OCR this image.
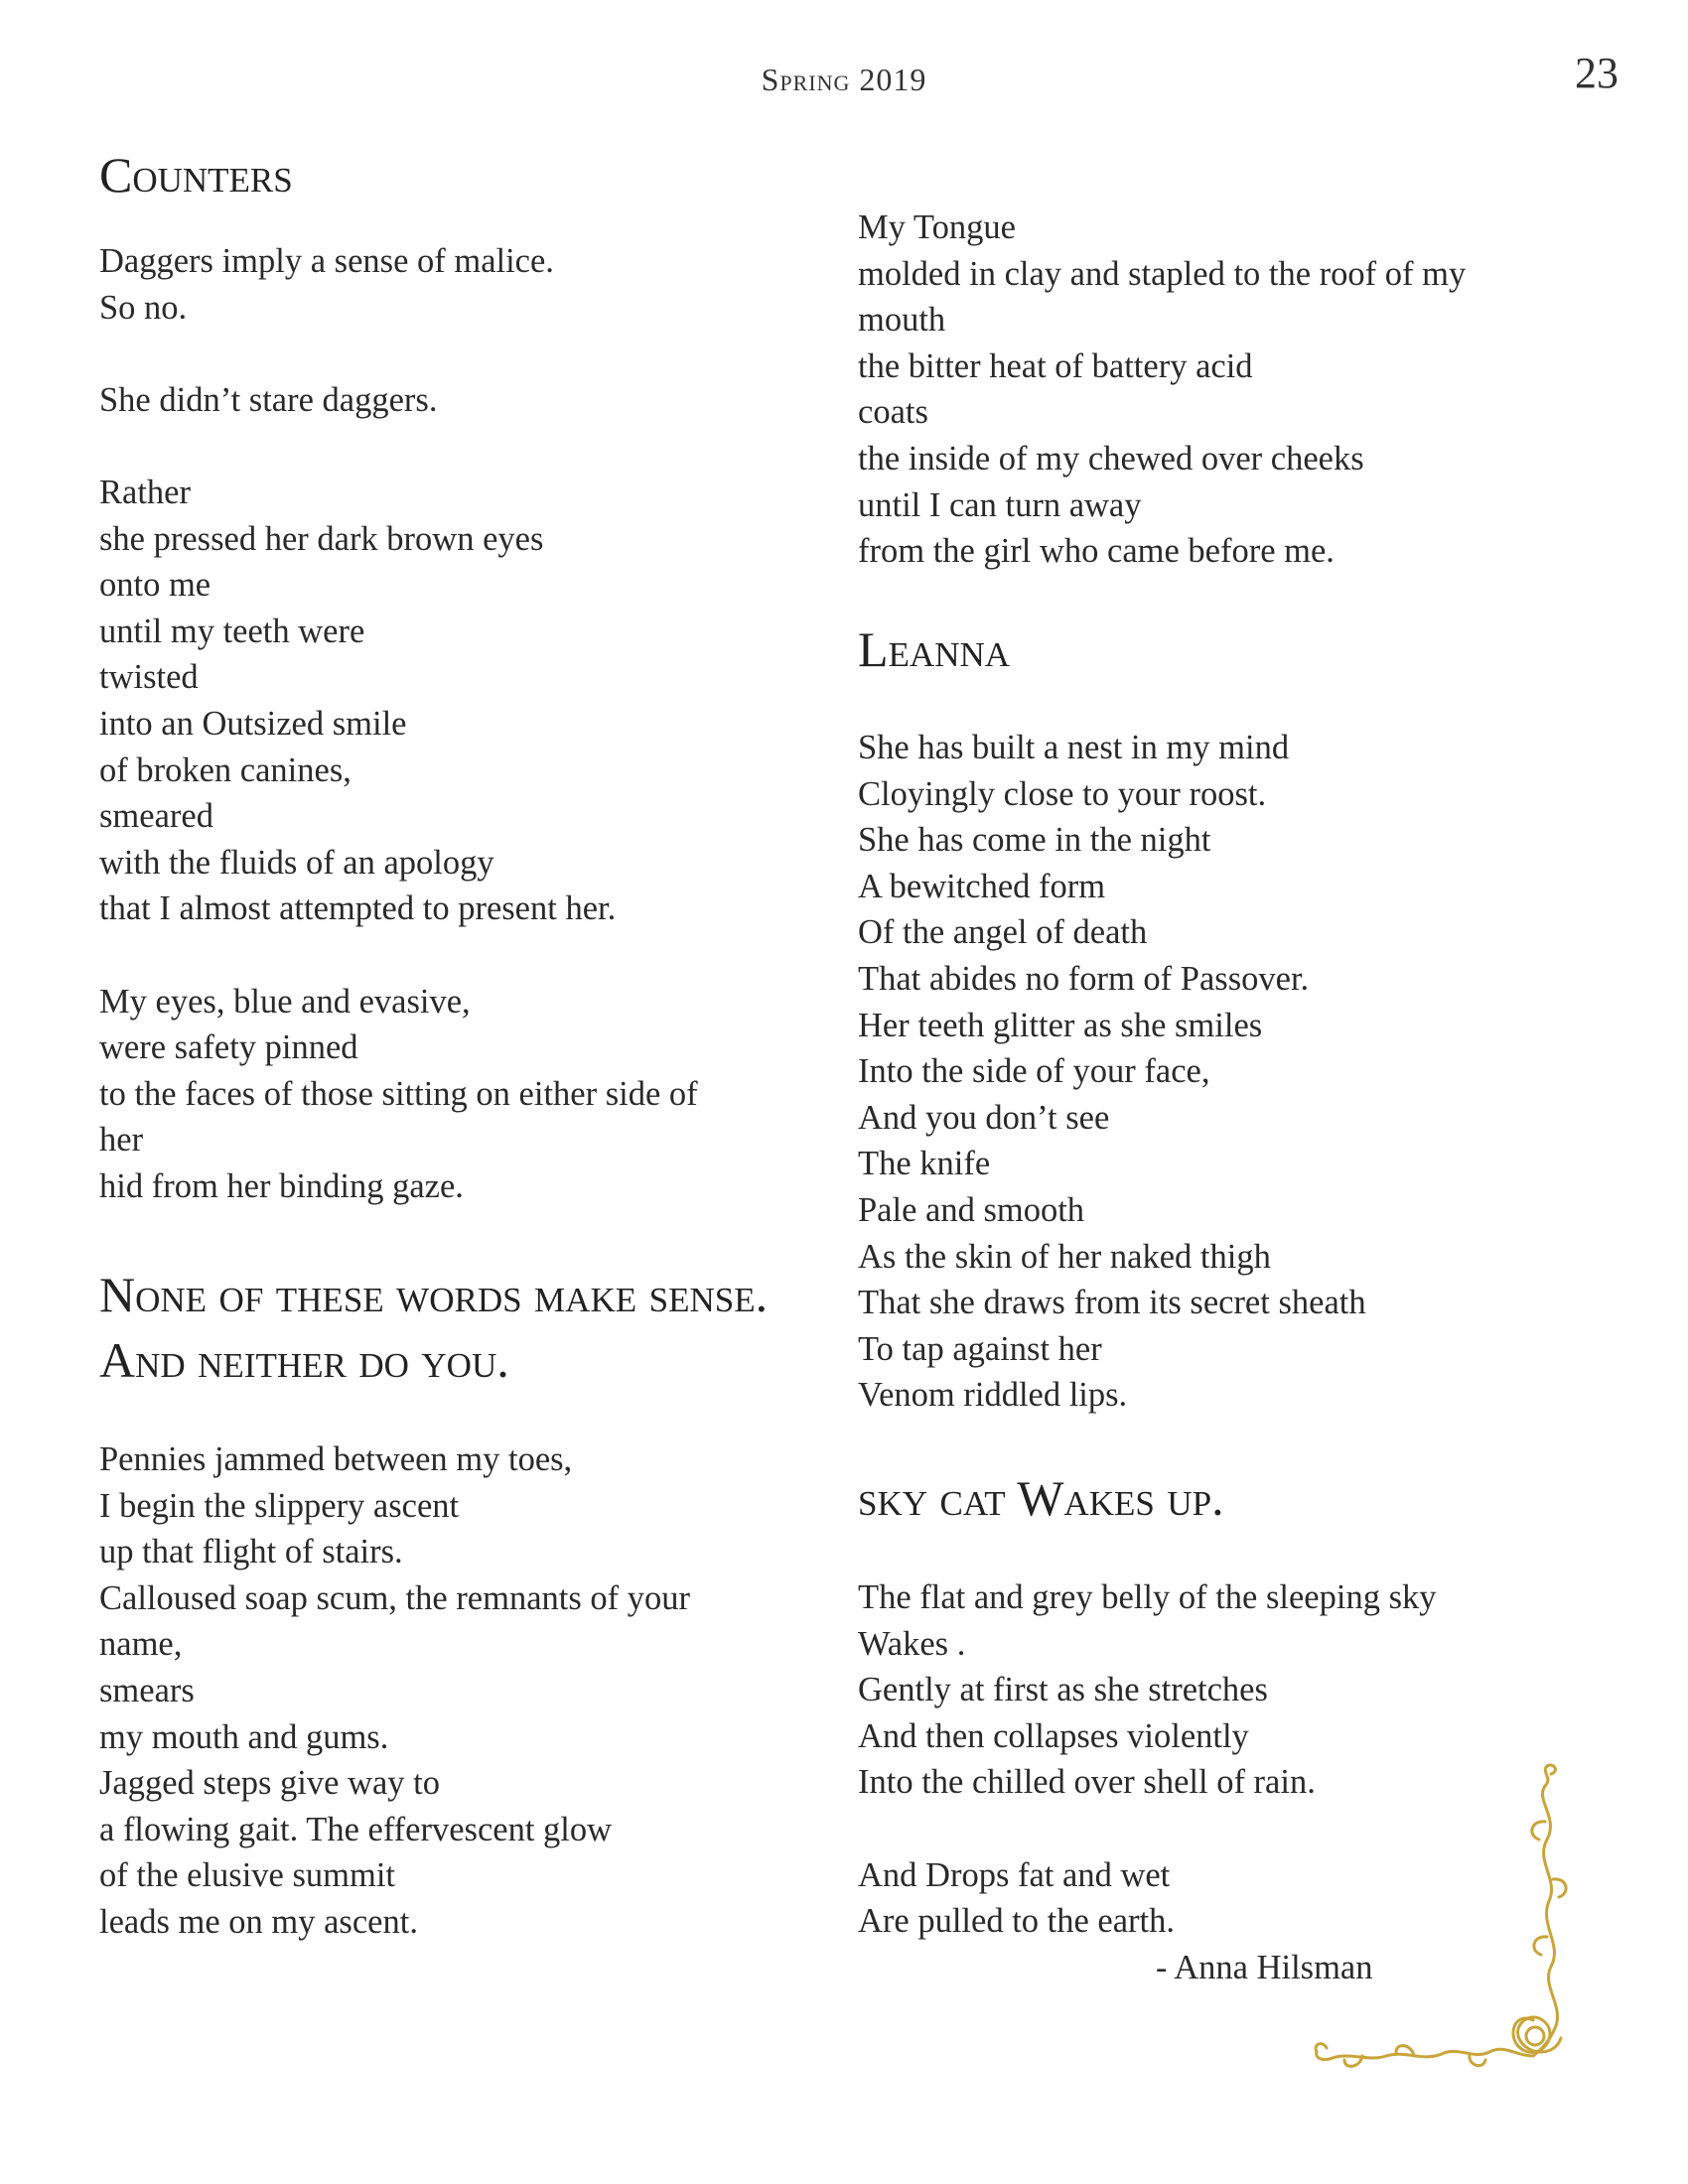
Spring 2019	23
Counters
Daggers imply a sense of malice.
So no.
She didn’t stare daggers.
Rather
she pressed her dark brown eyes
onto me
until my teeth were
twisted
into an Outsized smile
of broken canines,
smeared
with the fluids of an apology
that I almost attempted to present her.
My eyes, blue and evasive,
were safety pinned
to the faces of those sitting on either side of
her
hid from her binding gaze.
None of these words make sense.
And neither do you.
Pennies jammed between my toes,
I begin the slippery ascent
up that flight of stairs.
Calloused soap scum, the remnants of your
name,
smears
my mouth and gums.
Jagged steps give way to
a flowing gait. The effervescent glow
of the elusive summit
leads me on my ascent.
My Tongue
molded in clay and stapled to the roof of my
mouth
the bitter heat of battery acid
coats
the inside of my chewed over cheeks
until I can turn away
from the girl who came before me.
Leanna
She has built a nest in my mind
Cloyingly close to your roost.
She has come in the night
A bewitched form
Of the angel of death
That abides no form of Passover.
Her teeth glitter as she smiles
Into the side of your face,
And you don’t see
The knife
Pale and smooth
As the skin of her naked thigh
That she draws from its secret sheath
To tap against her
Venom riddled lips.
sky cat Wakes up.
The flat and grey belly of the sleeping sky
Wakes .
Gently at first as she stretches
And then collapses violently
Into the chilled over shell of rain.
And Drops fat and wet
Are pulled to the earth.
- Anna Hilsman
